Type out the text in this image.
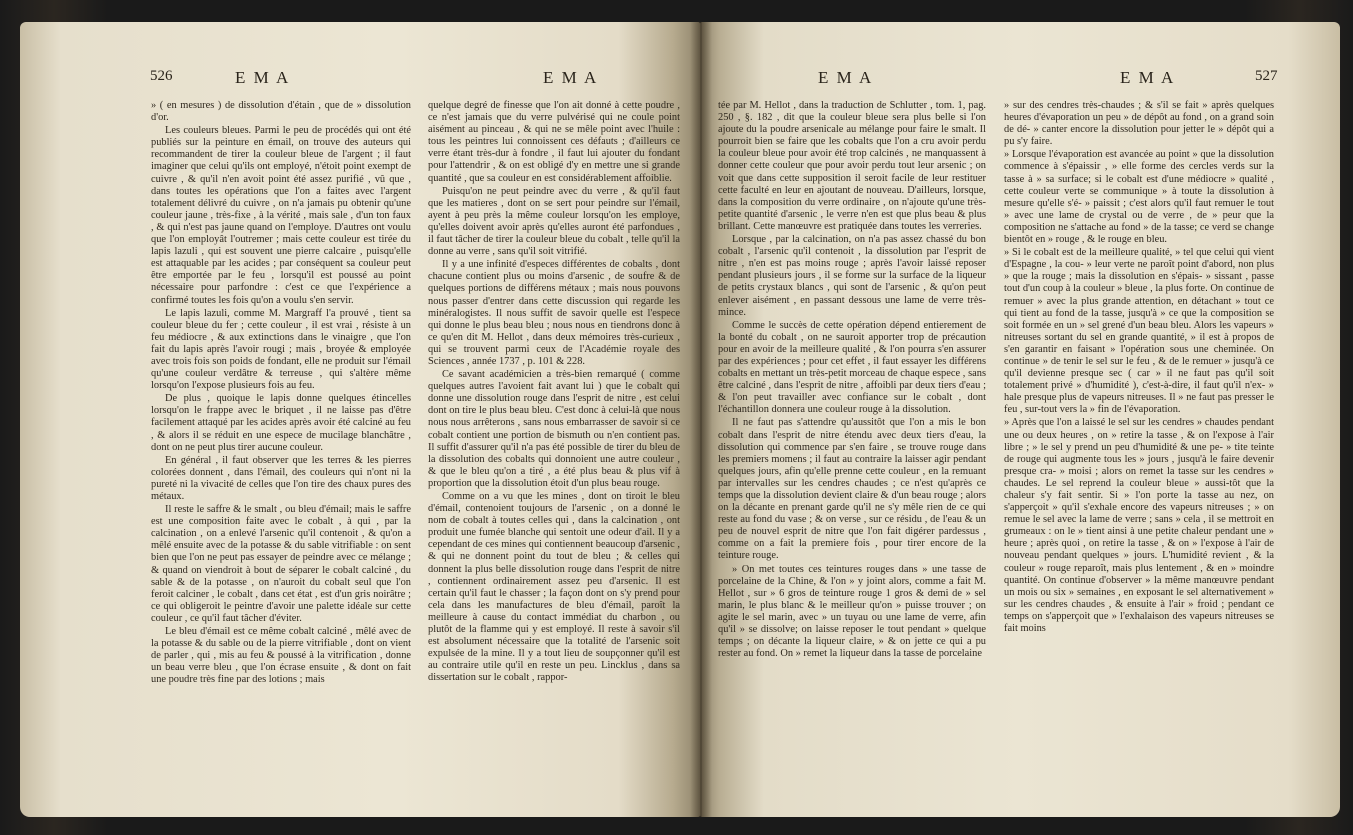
526	E M A	E M A

» ( en mesures ) de dissolution d'étain , que de » dissolution d'or.

Les couleurs bleues. Parmi le peu de procédés qui ont été publiés sur la peinture en émail, on trouve des auteurs qui recommandent de tirer la couleur bleue de l'argent ; il faut imaginer que celui qu'ils ont employé, n'étoit point exempt de cuivre , & qu'il n'en avoit point été assez purifié , vû que , dans toutes les opérations que l'on a faites avec l'argent totalement délivré du cuivre , on n'a jamais pu obtenir qu'une couleur jaune , très-fixe , à la vérité , mais sale , d'un ton faux , & qui n'est pas jaune quand on l'employe. D'autres ont voulu que l'on employât l'outremer ; mais cette couleur est tirée du lapis lazuli , qui est souvent une pierre calcaire , puisqu'elle est attaquable par les acides ; par conséquent sa couleur peut être emportée par le feu , lorsqu'il est poussé au point nécessaire pour parfondre : c'est ce que l'expérience a confirmé toutes les fois qu'on a voulu s'en servir.

Le lapis lazuli, comme M. Margraff l'a prouvé , tient sa couleur bleue du fer ; cette couleur , il est vrai , résiste à un feu médiocre , & aux extinctions dans le vinaigre , que l'on fait du lapis après l'avoir rougi ; mais , broyée & employée avec trois fois son poids de fondant, elle ne produit sur l'émail qu'une couleur verdâtre & terreuse , qui s'altère même lorsqu'on l'expose plusieurs fois au feu.

De plus , quoique le lapis donne quelques étincelles lorsqu'on le frappe avec le briquet , il ne laisse pas d'être facilement attaqué par les acides après avoir été calciné au feu , & alors il se réduit en une espece de mucilage blanchâtre , dont on ne peut plus tirer aucune couleur.

En général , il faut observer que les terres & les pierres colorées donnent , dans l'émail, des couleurs qui n'ont ni la pureté ni la vivacité de celles que l'on tire des chaux pures des métaux.

Il reste le saffre & le smalt , ou bleu d'émail; mais le saffre est une composition faite avec le cobalt , à qui , par la calcination , on a enlevé l'arsenic qu'il contenoit , & qu'on a mêlé ensuite avec de la potasse & du sable vitrifiable : on sent bien que l'on ne peut pas essayer de peindre avec ce mélange ; & quand on viendroit à bout de séparer le cobalt calciné , du sable & de la potasse , on n'auroit du cobalt seul que l'on feroit calciner , le cobalt , dans cet état , est d'un gris noirâtre ; ce qui obligeroit le peintre d'avoir une palette idéale sur cette couleur , ce qu'il faut tâcher d'éviter.

Le bleu d'émail est ce même cobalt calciné , mêlé avec de la potasse & du sable ou de la pierre vitrifiable , dont on vient de parler , qui , mis au feu & poussé à la vitrification , donne un beau verre bleu , que l'on écrase ensuite , & dont on fait une poudre très fine par des lotions ; mais

quelque degré de finesse que l'on ait donné à cette poudre , ce n'est jamais que du verre pulvérisé qui ne coule point aisément au pinceau , & qui ne se mêle point avec l'huile : tous les peintres lui connoissent ces défauts ; d'ailleurs ce verre étant très-dur à fondre , il faut lui ajouter du fondant pour l'attendrir , & on est obligé d'y en mettre une si grande quantité , que sa couleur en est considérablement affoiblie.

Puisqu'on ne peut peindre avec du verre , & qu'il faut que les matieres , dont on se sert pour peindre sur l'émail, ayent à peu près la même couleur lorsqu'on les employe, qu'elles doivent avoir après qu'elles auront été parfondues , il faut tâcher de tirer la couleur bleue du cobalt , telle qu'il la donne au verre , sans qu'il soit vitrifié.

Il y a une infinité d'especes différentes de cobalts , dont chacune contient plus ou moins d'arsenic , de soufre & de quelques portions de différens métaux ; mais nous pouvons nous passer d'entrer dans cette discussion qui regarde les minéralogistes. Il nous suffit de savoir quelle est l'espece qui donne le plus beau bleu ; nous nous en tiendrons donc à ce qu'en dit M. Hellot , dans deux mémoires très-curieux , qui se trouvent parmi ceux de l'Académie royale des Sciences , année 1737 , p. 101 & 228.

Ce savant académicien a très-bien remarqué ( comme quelques autres l'avoient fait avant lui ) que le cobalt qui donne une dissolution rouge dans l'esprit de nitre , est celui dont on tire le plus beau bleu. C'est donc à celui-là que nous nous nous arrêterons , sans nous embarrasser de savoir si ce cobalt contient une portion de bismuth ou n'en contient pas. Il suffit d'assurer qu'il n'a pas été possible de tirer du bleu de la dissolution des cobalts qui donnoient une autre couleur , & que le bleu qu'on a tiré , a été plus beau & plus vif à proportion que la dissolution étoit d'un plus beau rouge.

Comme on a vu que les mines , dont on tiroit le bleu d'émail, contenoient toujours de l'arsenic , on a donné le nom de cobalt à toutes celles qui , dans la calcination , ont produit une fumée blanche qui sentoit une odeur d'ail. Il y a cependant de ces mines qui contiennent beaucoup d'arsenic , & qui ne donnent point du tout de bleu ; & celles qui donnent la plus belle dissolution rouge dans l'esprit de nitre , contiennent ordinairement assez peu d'arsenic. Il est certain qu'il faut le chasser ; la façon dont on s'y prend pour cela dans les manufactures de bleu d'émail, paroît la meilleure à cause du contact immédiat du charbon , ou plutôt de la flamme qui y est employé. Il reste à savoir s'il est absolument nécessaire que la totalité de l'arsenic soit expulsée de la mine. Il y a tout lieu de soupçonner qu'il est au contraire utile qu'il en reste un peu. Lincklus , dans sa dissertation sur le cobalt , rappor-

E M A	E M A	527

tée par M. Hellot , dans la traduction de Schlutter , tom. 1, pag. 250 , §. 182 , dit que la couleur bleue sera plus belle si l'on ajoute du la poudre arsenicale au mélange pour faire le smalt. Il pourroit bien se faire que les cobalts que l'on a cru avoir perdu la couleur bleue pour avoir été trop calcinés , ne manquassent à donner cette couleur que pour avoir perdu tout leur arsenic ; on voit que dans cette supposition il seroit facile de leur restituer cette faculté en leur en ajoutant de nouveau. D'ailleurs, lorsque, dans la composition du verre ordinaire , on n'ajoute qu'une très-petite quantité d'arsenic , le verre n'en est que plus beau & plus brillant. Cette manœuvre est pratiquée dans toutes les verreries.

Lorsque , par la calcination, on n'a pas assez chassé du bon cobalt , l'arsenic qu'il contenoit , la dissolution par l'esprit de nitre , n'en est pas moins rouge ; après l'avoir laissé reposer pendant plusieurs jours , il se forme sur la surface de la liqueur de petits crystaux blancs , qui sont de l'arsenic , & qu'on peut enlever aisément , en passant dessous une lame de verre très-mince.

Comme le succès de cette opération dépend entierement de la bonté du cobalt , on ne sauroit apporter trop de précaution pour en avoir de la meilleure qualité , & l'on pourra s'en assurer par des expériences ; pour cet effet , il faut essayer les différens cobalts en mettant un très-petit morceau de chaque espece , sans être calciné , dans l'esprit de nitre , affoibli par deux tiers d'eau ; & l'on peut travailler avec confiance sur le cobalt , dont l'échantillon donnera une couleur rouge à la dissolution.

Il ne faut pas s'attendre qu'aussitôt que l'on a mis le bon cobalt dans l'esprit de nitre étendu avec deux tiers d'eau, la dissolution qui commence par s'en faire , se trouve rouge dans les premiers momens ; il faut au contraire la laisser agir pendant quelques jours, afin qu'elle prenne cette couleur , en la remuant par intervalles sur les cendres chaudes ; ce n'est qu'après ce temps que la dissolution devient claire & d'un beau rouge ; alors on la décante en prenant garde qu'il ne s'y mêle rien de ce qui reste au fond du vase ; & on verse , sur ce résidu , de l'eau & un peu de nouvel esprit de nitre que l'on fait digérer pardessus , comme on a fait la premiere fois , pour tirer encore de la teinture rouge.

» On met toutes ces teintures rouges dans » une tasse de porcelaine de la Chine, & l'on » y joint alors, comme a fait M. Hellot , sur » 6 gros de teinture rouge 1 gros & demi de » sel marin, le plus blanc & le meilleur qu'on » puisse trouver ; on agite le sel marin, avec » un tuyau ou une lame de verre, afin qu'il » se dissolve; on laisse reposer le tout pendant » quelque temps ; on décante la liqueur claire, » & on jette ce qui a pu rester au fond. On » remet la liqueur dans la tasse de porcelaine

» sur des cendres très-chaudes ; & s'il se fait » après quelques heures d'évaporation un peu » de dépôt au fond , on a grand soin de dé- » canter encore la dissolution pour jetter le » dépôt qui a pu s'y faire.

» Lorsque l'évaporation est avancée au point » que la dissolution commence à s'épaissir , » elle forme des cercles verds sur la tasse à » sa surface; si le cobalt est d'une médiocre » qualité , cette couleur verte se communique » à toute la dissolution à mesure qu'elle s'é- » paissit ; c'est alors qu'il faut remuer le tout » avec une lame de crystal ou de verre , de » peur que la composition ne s'attache au fond » de la tasse; ce verd se change bientôt en » rouge , & le rouge en bleu.

» Si le cobalt est de la meilleure qualité, » tel que celui qui vient d'Espagne , la cou- » leur verte ne paroît point d'abord, non plus » que la rouge ; mais la dissolution en s'épais- » sissant , passe tout d'un coup à la couleur » bleue , la plus forte. On continue de remuer » avec la plus grande attention, en détachant » tout ce qui tient au fond de la tasse, jusqu'à » ce que la composition se soit formée en un » sel grené d'un beau bleu. Alors les vapeurs » nitreuses sortant du sel en grande quantité, » il est à propos de s'en garantir en faisant » l'opération sous une cheminée. On continue » de tenir le sel sur le feu , & de le remuer » jusqu'à ce qu'il devienne presque sec ( car » il ne faut pas qu'il soit totalement privé » d'humidité ), c'est-à-dire, il faut qu'il n'ex- » hale presque plus de vapeurs nitreuses. Il » ne faut pas presser le feu , sur-tout vers la » fin de l'évaporation.

» Après que l'on a laissé le sel sur les cendres » chaudes pendant une ou deux heures , on » retire la tasse , & on l'expose à l'air libre ; » le sel y prend un peu d'humidité & une pe- » tite teinte de rouge qui augmente tous les » jours , jusqu'à le faire devenir presque cra- » moisi ; alors on remet la tasse sur les cendres » chaudes. Le sel reprend la couleur bleue » aussi-tôt que la chaleur s'y fait sentir. Si » l'on porte la tasse au nez, on s'apperçoit » qu'il s'exhale encore des vapeurs nitreuses ; » on remue le sel avec la lame de verre ; sans » cela , il se mettroit en grumeaux : on le » tient ainsi à une petite chaleur pendant une » heure ; après quoi , on retire la tasse , & on » l'expose à l'air de nouveau pendant quelques » jours. L'humidité revient , & la couleur » rouge reparoît, mais plus lentement , & en » moindre quantité. On continue d'observer » la même manœuvre pendant un mois ou six » semaines , en exposant le sel alternativement » sur les cendres chaudes , & ensuite à l'air » froid ; pendant ce temps on s'apperçoit que » l'exhalaison des vapeurs nitreuses se fait moins
